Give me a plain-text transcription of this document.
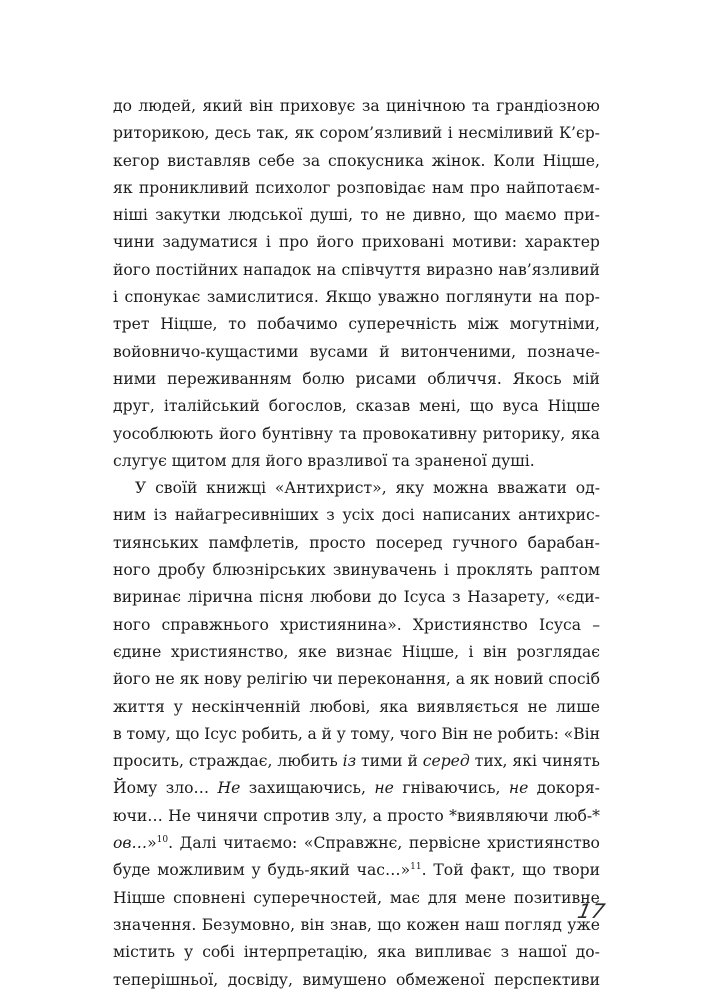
до людей, який він приховує за цинічною та грандіозною
риторикою, десь так, як сором’язливий і несміливий К’єр-
кегор виставляв себе за спокусника жінок. Коли Ніцше,
як проникливий психолог розповідає нам про найпотаєм-
ніші закутки людської душі, то не дивно, що маємо при-
чини задуматися і про його приховані мотиви: характер
його постійних нападок на співчуття виразно нав’язливий
і спонукає замислитися. Якщо уважно поглянути на пор-
трет Ніцше, то побачимо суперечність між могутніми,
войовничо-кущастими вусами й витонченими, позначе-
ними переживанням болю рисами обличчя. Якось мій
друг, італійський богослов, сказав мені, що вуса Ніцше
уособлюють його бунтівну та провокативну риторику, яка
слугує щитом для його вразливої та зраненої душі.
У своїй книжці «Антихрист», яку можна вважати од-
ним із найагресивніших з усіх досі написаних антихрис-
тиянських памфлетів, просто посеред гучного барабан-
ного дробу блюзнірських звинувачень і проклять раптом
виринає лірична пісня любови до Ісуса з Назарету, «єди-
ного справжнього християнина». Християнство Ісуса –
єдине християнство, яке визнає Ніцше, і він розглядає
його не як нову релігію чи переконання, а як новий спосіб
життя у нескінченній любові, яка виявляється не лише
в тому, що Ісус робить, а й у тому, чого Він не робить: «Він
просить, страждає, любить із тими й серед тих, які чинять
Йому зло… Не захищаючись, не гніваючись, не докоря-
ючи… Не чинячи спротив злу, а просто *виявляючи люб-*
ов…»$^{10}$. Далі читаємо: «Справжнє, первісне християнство
буде можливим у будь-який час…»$^{11}$. Той факт, що твори
Ніцше сповнені суперечностей, має для мене позитивне
значення. Безумовно, він знав, що кожен наш погляд уже
містить у собі інтерпретацію, яка випливає з нашої до-
теперішньої, досвіду, вимушено обмеженої перспективи
17
